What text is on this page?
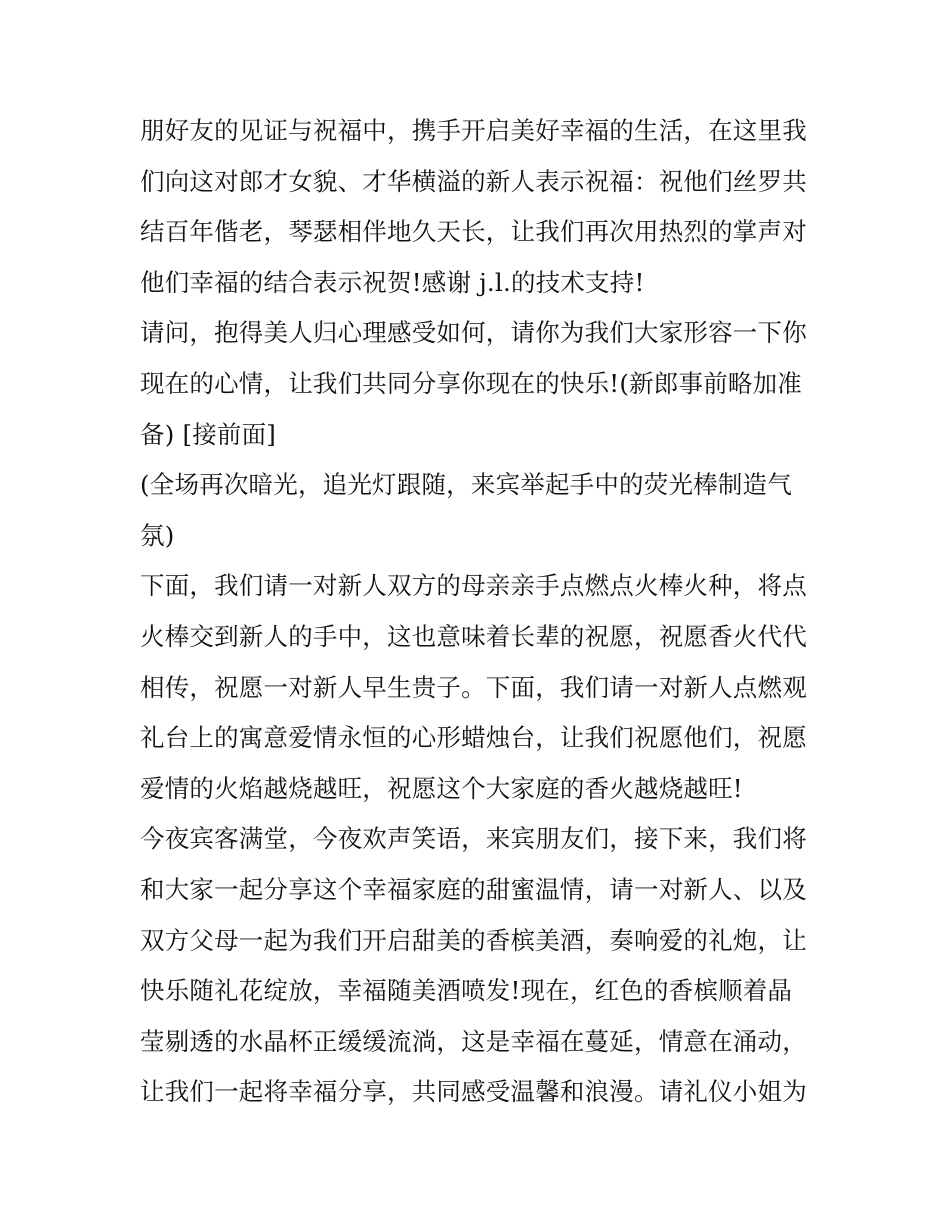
朋好友的见证与祝福中，携手开启美好幸福的生活，在这里我
们向这对郎才女貌、才华横溢的新人表示祝福：祝他们丝罗共
结百年偕老，琴瑟相伴地久天长，让我们再次用热烈的掌声对
他们幸福的结合表示祝贺!感谢 j.l.的技术支持!
请问，抱得美人归心理感受如何，请你为我们大家形容一下你
现在的心情，让我们共同分享你现在的快乐!(新郎事前略加准
备) [接前面]
(全场再次暗光，追光灯跟随，来宾举起手中的荧光棒制造气
氛)
下面，我们请一对新人双方的母亲亲手点燃点火棒火种，将点
火棒交到新人的手中，这也意味着长辈的祝愿，祝愿香火代代
相传，祝愿一对新人早生贵子。下面，我们请一对新人点燃观
礼台上的寓意爱情永恒的心形蜡烛台，让我们祝愿他们，祝愿
爱情的火焰越烧越旺，祝愿这个大家庭的香火越烧越旺!
今夜宾客满堂，今夜欢声笑语，来宾朋友们，接下来，我们将
和大家一起分享这个幸福家庭的甜蜜温情，请一对新人、以及
双方父母一起为我们开启甜美的香槟美酒，奏响爱的礼炮，让
快乐随礼花绽放，幸福随美酒喷发!现在，红色的香槟顺着晶
莹剔透的水晶杯正缓缓流淌，这是幸福在蔓延，情意在涌动，
让我们一起将幸福分享，共同感受温馨和浪漫。请礼仪小姐为
